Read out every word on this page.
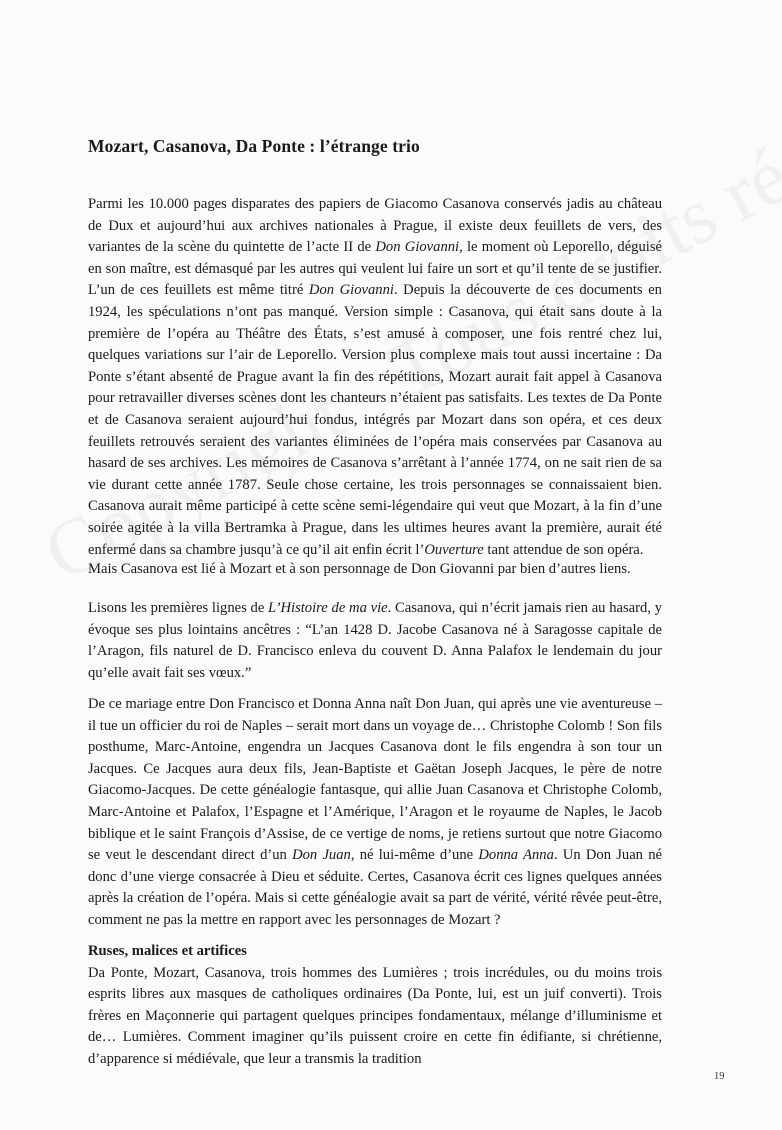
Mozart, Casanova, Da Ponte : l’étrange trio

Parmi les 10.000 pages disparates des papiers de Giacomo Casanova conservés jadis au château de Dux et aujourd’hui aux archives nationales à Prague, il existe deux feuillets de vers, des variantes de la scène du quintette de l’acte II de Don Giovanni, le moment où Leporello, déguisé en son maître, est démasqué par les autres qui veulent lui faire un sort et qu’il tente de se justifier. L’un de ces feuillets est même titré Don Giovanni. Depuis la découverte de ces documents en 1924, les spéculations n’ont pas manqué. Version simple : Casanova, qui était sans doute à la première de l’opéra au Théâtre des États, s’est amusé à composer, une fois rentré chez lui, quelques variations sur l’air de Leporello. Version plus complexe mais tout aussi incertaine : Da Ponte s’étant absenté de Prague avant la fin des répétitions, Mozart aurait fait appel à Casanova pour retravailler diverses scènes dont les chanteurs n’étaient pas satisfaits. Les textes de Da Ponte et de Casanova seraient aujourd’hui fondus, intégrés par Mozart dans son opéra, et ces deux feuillets retrouvés seraient des variantes éliminées de l’opéra mais conservées par Casanova au hasard de ses archives. Les mémoires de Casanova s’arrêtant à l’année 1774, on ne sait rien de sa vie durant cette année 1787. Seule chose certaine, les trois personnages se connaissaient bien. Casanova aurait même participé à cette scène semi-légendaire qui veut que Mozart, à la fin d’une soirée agitée à la villa Bertramka à Prague, dans les ultimes heures avant la première, aurait été enfermé dans sa chambre jusqu’à ce qu’il ait enfin écrit l’Ouverture tant attendue de son opéra.

Mais Casanova est lié à Mozart et à son personnage de Don Giovanni par bien d’autres liens.

Lisons les premières lignes de L’Histoire de ma vie. Casanova, qui n’écrit jamais rien au hasard, y évoque ses plus lointains ancêtres : “L’an 1428 D. Jacobe Casanova né à Saragosse capitale de l’Aragon, fils naturel de D. Francisco enleva du couvent D. Anna Palafox le lendemain du jour qu’elle avait fait ses vœux.”

De ce mariage entre Don Francisco et Donna Anna naît Don Juan, qui après une vie aventureuse – il tue un officier du roi de Naples – serait mort dans un voyage de… Christophe Colomb ! Son fils posthume, Marc-Antoine, engendra un Jacques Casanova dont le fils engendra à son tour un Jacques. Ce Jacques aura deux fils, Jean-Baptiste et Gaëtan Joseph Jacques, le père de notre Giacomo-Jacques. De cette généalogie fantasque, qui allie Juan Casanova et Christophe Colomb, Marc-Antoine et Palafox, l’Espagne et l’Amérique, l’Aragon et le royaume de Naples, le Jacob biblique et le saint François d’Assise, de ce vertige de noms, je retiens surtout que notre Giacomo se veut le descendant direct d’un Don Juan, né lui-même d’une Donna Anna. Un Don Juan né donc d’une vierge consacrée à Dieu et séduite. Certes, Casanova écrit ces lignes quelques années après la création de l’opéra. Mais si cette généalogie avait sa part de vérité, vérité rêvée peut-être, comment ne pas la mettre en rapport avec les personnages de Mozart ?

Ruses, malices et artifices
Da Ponte, Mozart, Casanova, trois hommes des Lumières ; trois incrédules, ou du moins trois esprits libres aux masques de catholiques ordinaires (Da Ponte, lui, est un juif converti). Trois frères en Maçonnerie qui partagent quelques principes fondamentaux, mélange d’illuminisme et de… Lumières. Comment imaginer qu’ils puissent croire en cette fin édifiante, si chrétienne, d’apparence si médiévale, que leur a transmis la tradition
19
